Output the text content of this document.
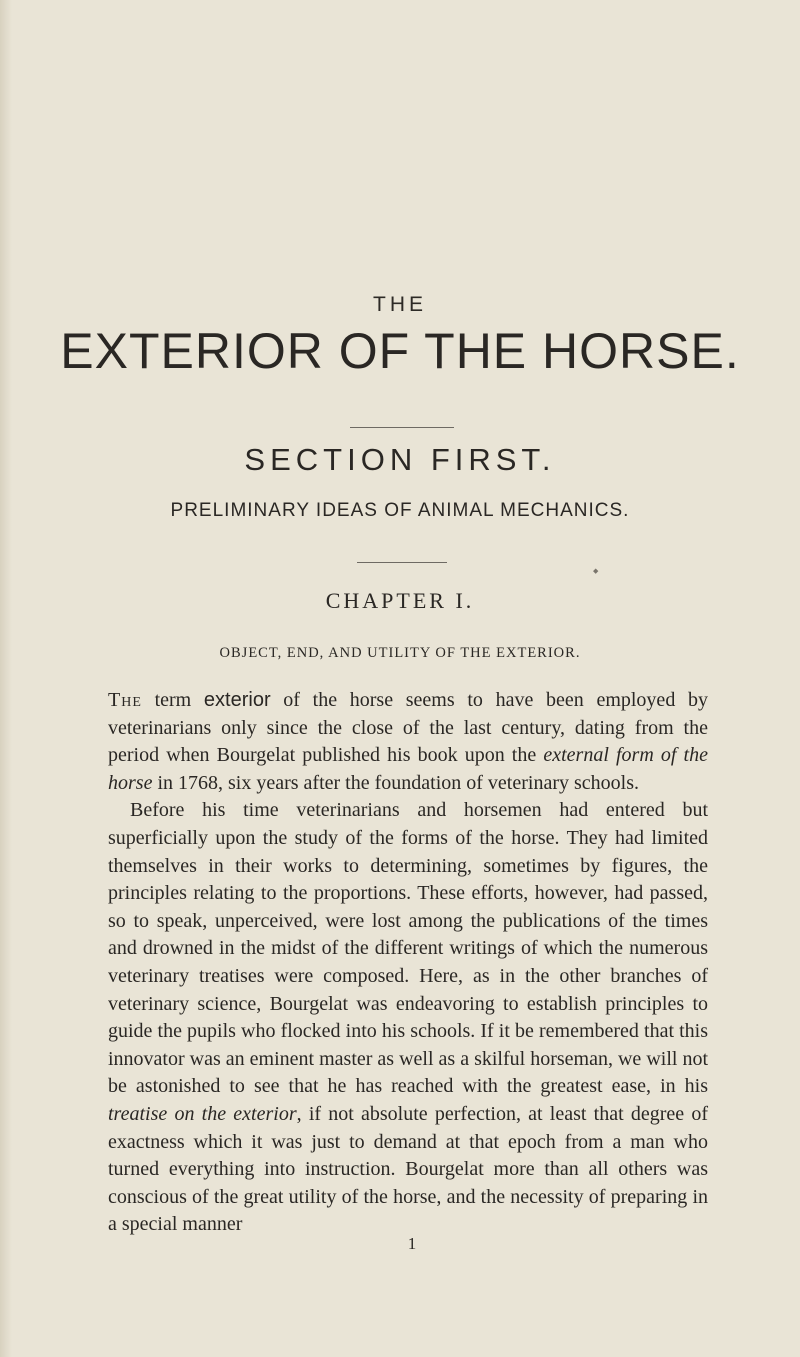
THE
EXTERIOR OF THE HORSE.
SECTION FIRST.
PRELIMINARY IDEAS OF ANIMAL MECHANICS.
◆
CHAPTER I.
OBJECT, END, AND UTILITY OF THE EXTERIOR.

The term exterior of the horse seems to have been employed by veterinarians only since the close of the last century, dating from the period when Bourgelat published his book upon the external form of the horse in 1768, six years after the foundation of veterinary schools.

Before his time veterinarians and horsemen had entered but superficially upon the study of the forms of the horse. They had limited themselves in their works to determining, sometimes by figures, the principles relating to the proportions. These efforts, however, had passed, so to speak, unperceived, were lost among the publications of the times and drowned in the midst of the different writings of which the numerous veterinary treatises were composed. Here, as in the other branches of veterinary science, Bourgelat was endeavoring to establish principles to guide the pupils who flocked into his schools. If it be remembered that this innovator was an eminent master as well as a skilful horseman, we will not be astonished to see that he has reached with the greatest ease, in his treatise on the exterior, if not absolute perfection, at least that degree of exactness which it was just to demand at that epoch from a man who turned everything into instruction. Bourgelat more than all others was conscious of the great utility of the horse, and the necessity of preparing in a special manner

1
